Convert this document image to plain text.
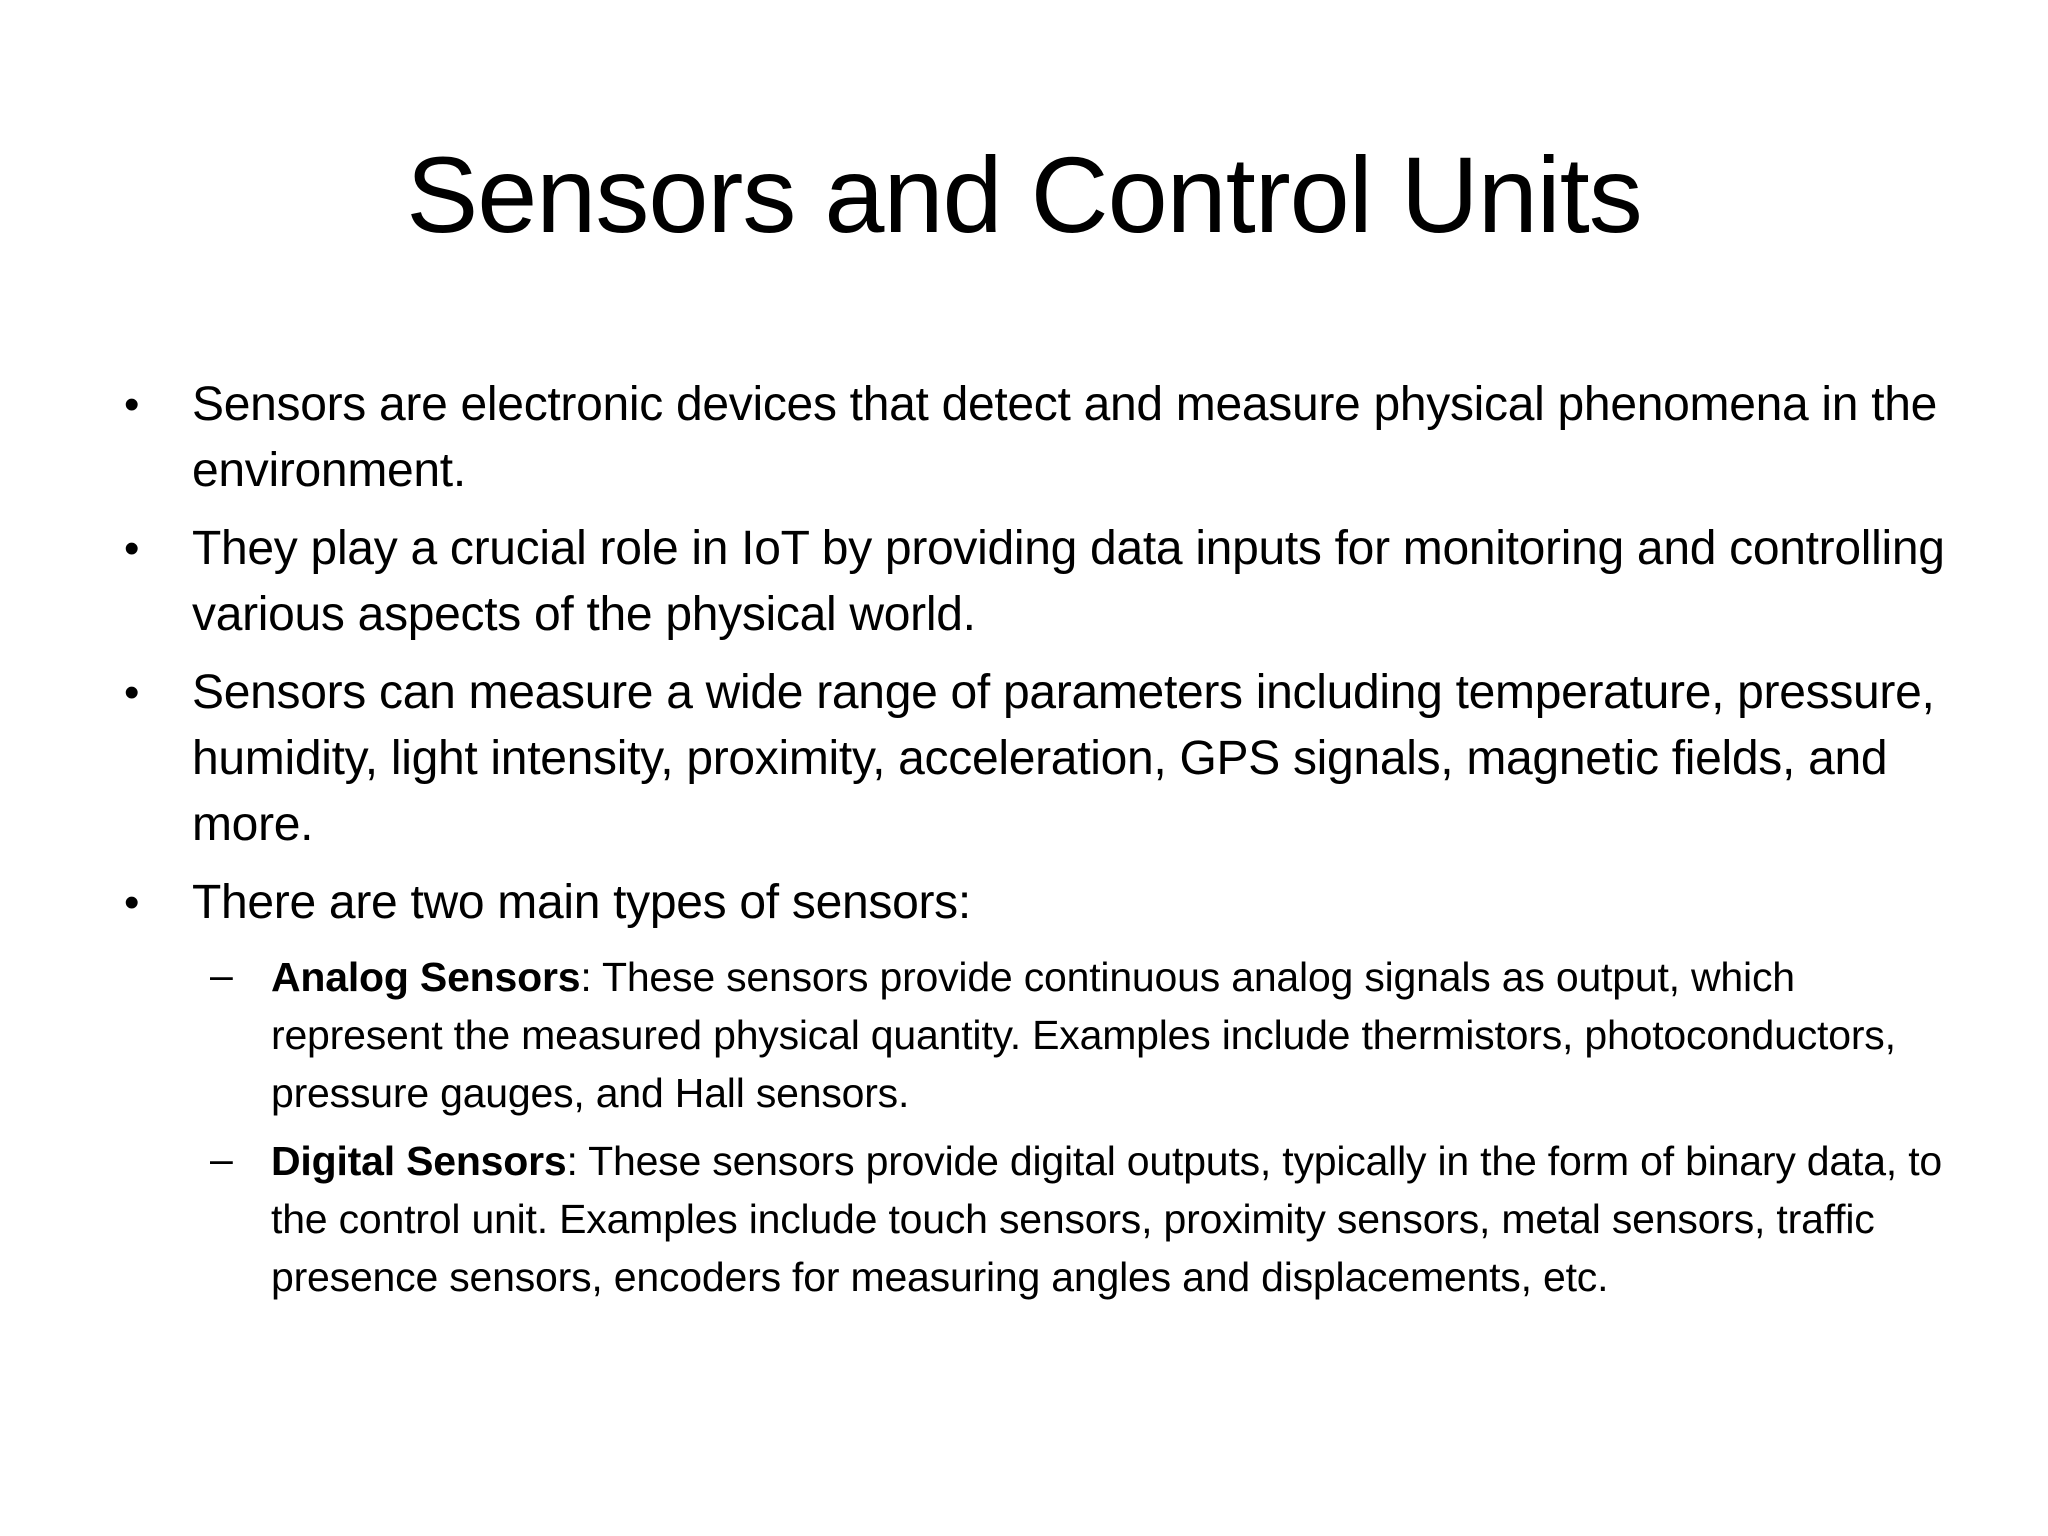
Sensors and Control Units
• Sensors are electronic devices that detect and measure physical phenomena in the environment.
• They play a crucial role in IoT by providing data inputs for monitoring and controlling various aspects of the physical world.
• Sensors can measure a wide range of parameters including temperature, pressure, humidity, light intensity, proximity, acceleration, GPS signals, magnetic fields, and more.
• There are two main types of sensors:
– Analog Sensors: These sensors provide continuous analog signals as output, which represent the measured physical quantity. Examples include thermistors, photoconductors, pressure gauges, and Hall sensors.
– Digital Sensors: These sensors provide digital outputs, typically in the form of binary data, to the control unit. Examples include touch sensors, proximity sensors, metal sensors, traffic presence sensors, encoders for measuring angles and displacements, etc.
